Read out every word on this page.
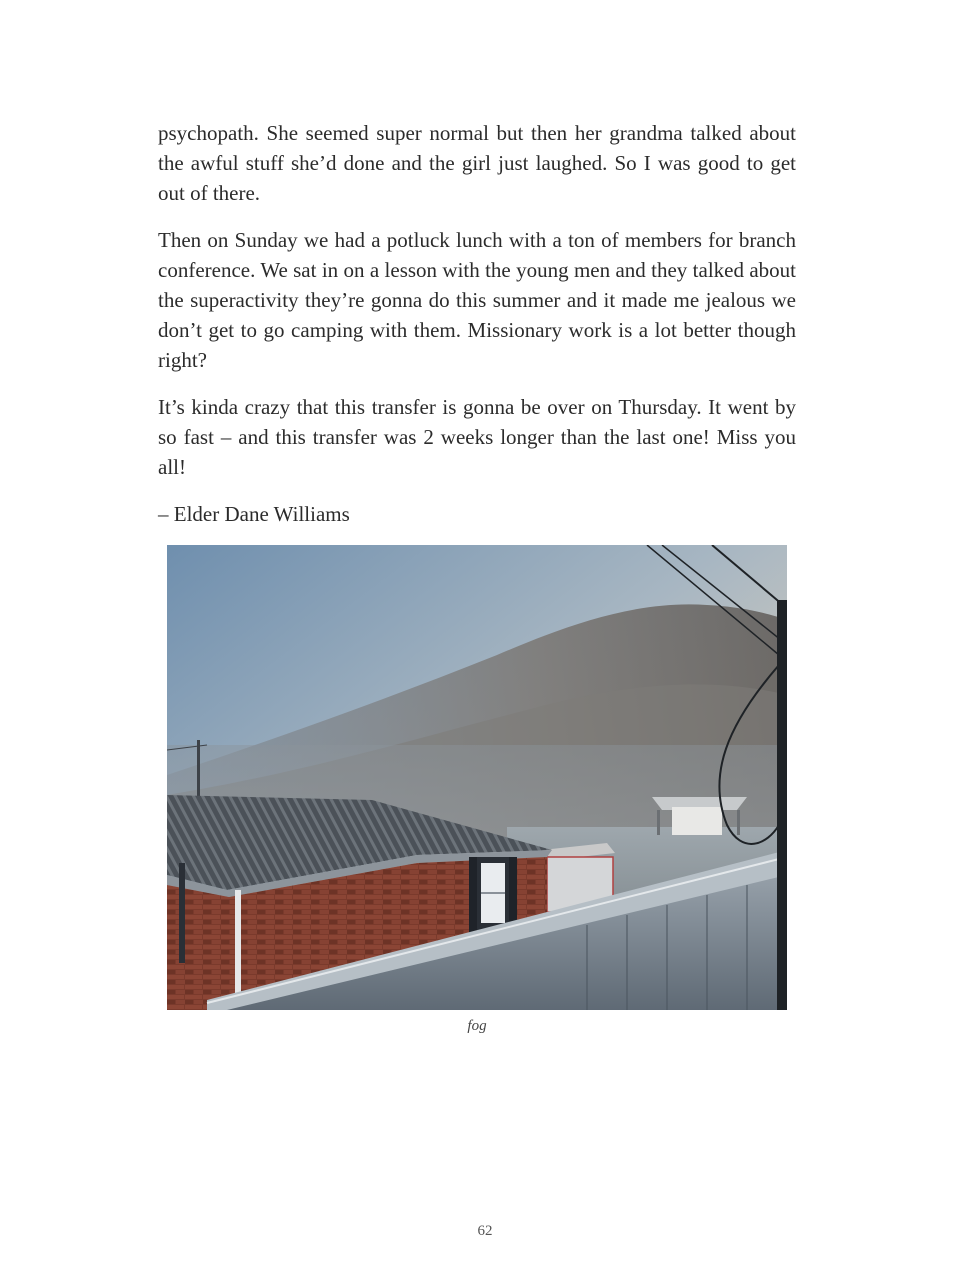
psychopath. She seemed super normal but then her grandma talked about the awful stuff she’d done and the girl just laughed. So I was good to get out of there.

Then on Sunday we had a potluck lunch with a ton of members for branch conference. We sat in on a lesson with the young men and they talked about the superactivity they’re gonna do this summer and it made me jealous we don’t get to go camping with them. Missionary work is a lot better though right?

It’s kinda crazy that this transfer is gonna be over on Thursday. It went by so fast – and this transfer was 2 weeks longer than the last one! Miss you all!

– Elder Dane Williams

fog
62
